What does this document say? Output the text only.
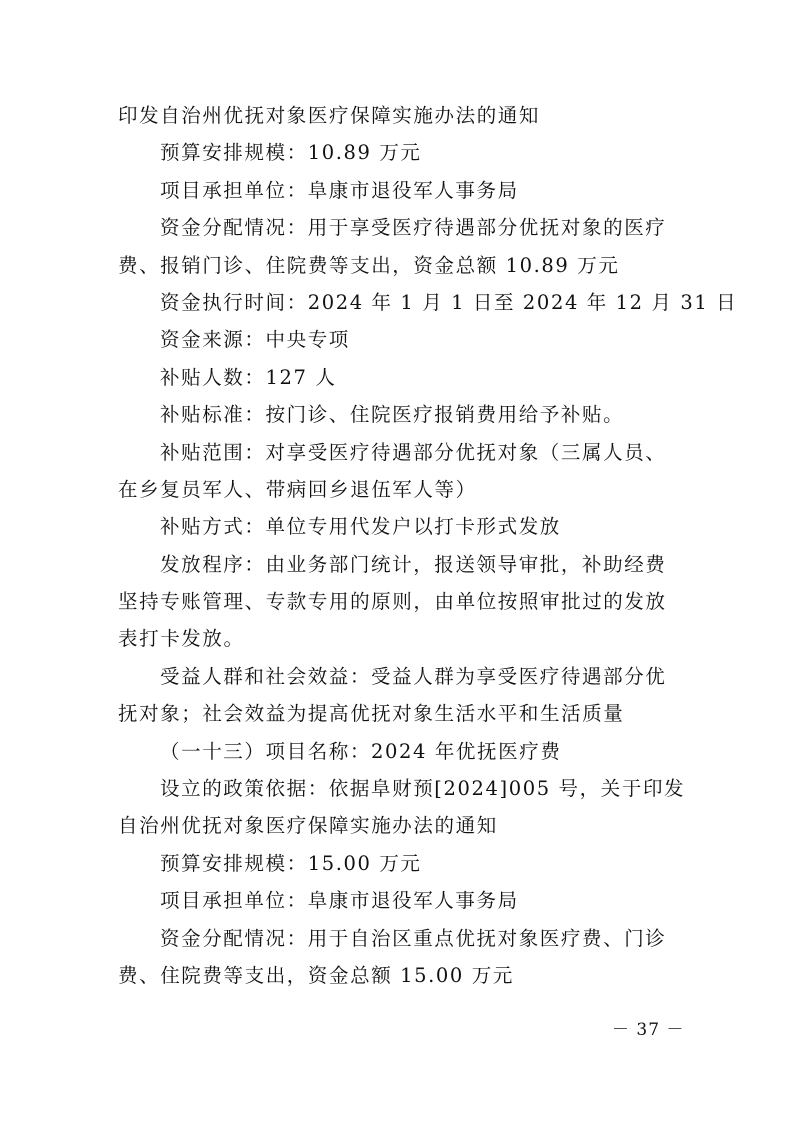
印发自治州优抚对象医疗保障实施办法的通知
预算安排规模：10.89 万元
项目承担单位：阜康市退役军人事务局
资金分配情况：用于享受医疗待遇部分优抚对象的医疗
费、报销门诊、住院费等支出，资金总额 10.89 万元
资金执行时间：2024 年 1 月 1 日至 2024 年 12 月 31 日
资金来源：中央专项
补贴人数：127 人
补贴标准：按门诊、住院医疗报销费用给予补贴。
补贴范围：对享受医疗待遇部分优抚对象（三属人员、
在乡复员军人、带病回乡退伍军人等）
补贴方式：单位专用代发户以打卡形式发放
发放程序：由业务部门统计，报送领导审批，补助经费
坚持专账管理、专款专用的原则，由单位按照审批过的发放
表打卡发放。
受益人群和社会效益：受益人群为享受医疗待遇部分优
抚对象；社会效益为提高优抚对象生活水平和生活质量
（一十三）项目名称：2024 年优抚医疗费
设立的政策依据：依据阜财预[2024]005 号，关于印发
自治州优抚对象医疗保障实施办法的通知
预算安排规模：15.00 万元
项目承担单位：阜康市退役军人事务局
资金分配情况：用于自治区重点优抚对象医疗费、门诊
费、住院费等支出，资金总额 15.00 万元
－ 37 －
